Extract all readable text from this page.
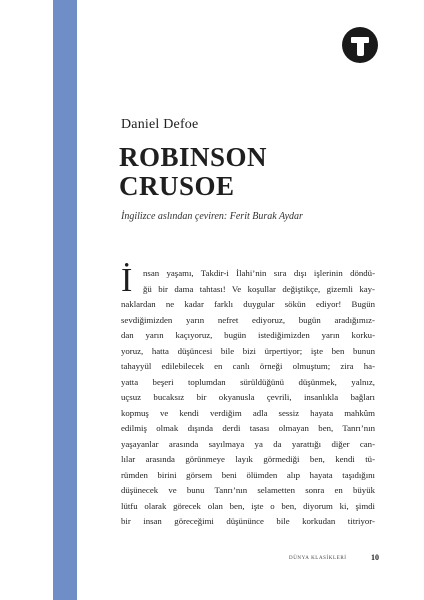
Daniel Defoe
ROBINSON
CRUSOE
İngilizce aslından çeviren: Ferit Burak Aydar
İ	nsan yaşamı, Takdir-i İlahi’nin sıra dışı işlerinin döndü-
ğü bir dama tahtası! Ve koşullar değiştikçe, gizemli kay-
naklardan ne kadar farklı duygular sökün ediyor! Bugün
sevdiğimizden yarın nefret ediyoruz, bugün aradığımız-
dan yarın kaçıyoruz, bugün istediğimizden yarın korku-
yoruz, hatta düşüncesi bile bizi ürpertiyor; işte ben bunun
tahayyül edilebilecek en canlı örneği olmuştum; zira ha-
yatta beşeri toplumdan sürüldüğünü düşünmek, yalnız,
uçsuz bucaksız bir okyanusla çevrili, insanlıkla bağları
kopmuş ve kendi verdiğim adla sessiz hayata mahkûm
edilmiş olmak dışında derdi tasası olmayan ben, Tanrı’nın
yaşayanlar arasında sayılmaya ya da yarattığı diğer can-
lılar arasında görünmeye layık görmediği ben, kendi tü-
rümden birini görsem beni ölümden alıp hayata taşıdığını
düşünecek ve bunu Tanrı’nın selametten sonra en büyük
lütfu olarak görecek olan ben, işte o ben, diyorum ki, şimdi
bir insan göreceğimi düşününce bile korkudan titriyor-
DÜNYA KLASİKLERİ	10
